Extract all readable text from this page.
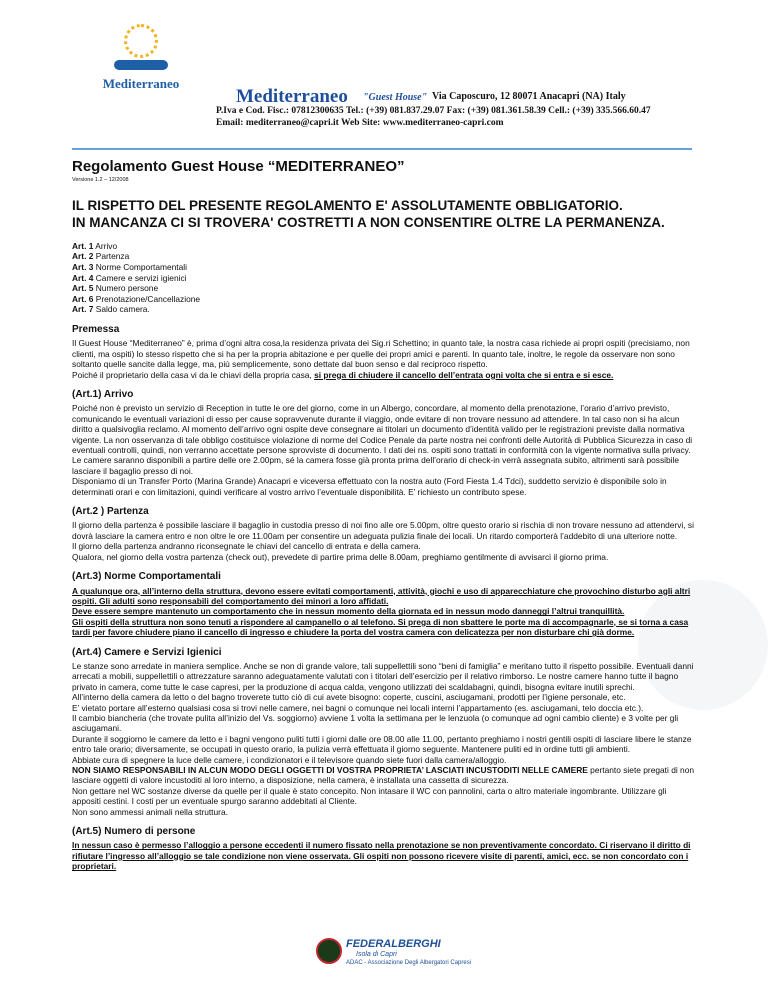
Mediterraneo
Mediterraneo "Guest House" Via Caposcuro, 12 80071 Anacapri (NA) Italy
P.Iva e Cod. Fisc.: 07812300635 Tel.: (+39) 081.837.29.07 Fax: (+39) 081.361.58.39 Cell.: (+39) 335.566.60.47
Email: mediterraneo@capri.it Web Site: www.mediterraneo-capri.com
Regolamento Guest House “MEDITERRANEO”
Versione 1.2 – 12/2008
IL RISPETTO DEL PRESENTE REGOLAMENTO E' ASSOLUTAMENTE OBBLIGATORIO.
IN MANCANZA CI SI TROVERA' COSTRETTI A NON CONSENTIRE OLTRE LA PERMANENZA.
Art. 1 Arrivo
Art. 2 Partenza
Art. 3 Norme Comportamentali
Art. 4 Camere e servizi igienici
Art. 5 Numero persone
Art. 6 Prenotazione/Cancellazione
Art. 7 Saldo camera.
Premessa

Il Guest House “Mediterraneo” è, prima d’ogni altra cosa,la residenza privata dei Sig.ri Schettino; in quanto tale, la nostra casa richiede ai propri ospiti (precisiamo, non clienti, ma ospiti) lo stesso rispetto che si ha per la propria abitazione e per quelle dei propri amici e parenti. In quanto tale, inoltre, le regole da osservare non sono soltanto quelle sancite dalla legge, ma, più semplicemente, sono dettate dal buon senso e dal reciproco rispetto.

Poiché il proprietario della casa vi da le chiavi della propria casa, si prega di chiudere il cancello dell’entrata ogni volta che si entra e si esce.

(Art.1) Arrivo

Poiché non è previsto un servizio di Reception in tutte le ore del giorno, come in un Albergo, concordare, al momento della prenotazione, l’orario d’arrivo previsto, comunicando le eventuali variazioni di esso per cause sopravvenute durante il viaggio, onde evitare di non trovare nessuno ad attendere. In tal caso non si ha alcun diritto a qualsivoglia reclamo. Al momento dell’arrivo ogni ospite deve consegnare ai titolari un documento d’identità valido per le registrazioni previste dalla normativa vigente. La non osservanza di tale obbligo costituisce violazione di norme del Codice Penale da parte nostra nei confronti delle Autorità di Pubblica Sicurezza in caso di eventuali controlli, quindi, non verranno accettate persone sprovviste di documento. I dati dei ns. ospiti sono trattati in conformità con la vigente normativa sulla privacy. Le camere saranno disponibili a partire delle ore 2.00pm, sé la camera fosse già pronta prima dell’orario di check-in verrà assegnata subito, altrimenti sarà possibile lasciare il bagaglio presso di noi.

Disponiamo di un Transfer Porto (Marina Grande) Anacapri e viceversa effettuato con la nostra auto (Ford Fiesta 1.4 Tdci), suddetto servizio è disponibile solo in determinati orari e con limitazioni, quindi verificare al vostro arrivo l’eventuale disponibilità. E’ richiesto un contributo spese.

(Art.2 ) Partenza

Il giorno della partenza è possibile lasciare il bagaglio in custodia presso di noi fino alle ore 5.00pm, oltre questo orario si rischia di non trovare nessuno ad attendervi, si dovrà lasciare la camera entro e non oltre le ore 11.00am per consentire un adeguata pulizia finale dei locali. Un ritardo comporterà l’addebito di una ulteriore notte.

Il giorno della partenza andranno riconsegnate le chiavi del cancello di entrata e della camera.

Qualora, nel giorno della vostra partenza (check out), prevedete di partire prima delle 8.00am, preghiamo gentilmente di avvisarci il giorno prima.

(Art.3) Norme Comportamentali

A qualunque ora, all’interno della struttura, devono essere evitati comportamenti, attività, giochi e uso di apparecchiature che provochino disturbo agli altri ospiti. Gli adulti sono responsabili del comportamento dei minori a loro affidati.

Deve essere sempre mantenuto un comportamento che in nessun momento della giornata ed in nessun modo danneggi l’altrui tranquillità.

Gli ospiti della struttura non sono tenuti a rispondere al campanello o al telefono. Si prega di non sbattere le porte ma di accompagnarle, se si torna a casa tardi per favore chiudere piano il cancello di ingresso e chiudere la porta del vostra camera con delicatezza per non disturbare chi già dorme.

(Art.4) Camere e Servizi Igienici

Le stanze sono arredate in maniera semplice. Anche se non di grande valore, tali suppellettili sono “beni di famiglia” e meritano tutto il rispetto possibile. Eventuali danni arrecati a mobili, suppellettili o attrezzature saranno adeguatamente valutati con i titolari dell’esercizio per il relativo rimborso. Le nostre camere hanno tutte il bagno privato in camera, come tutte le case capresi, per la produzione di acqua calda, vengono utilizzati dei scaldabagni, quindi, bisogna evitare inutili sprechi.

All’interno della camera da letto o del bagno troverete tutto ciò di cui avete bisogno: coperte, cuscini, asciugamani, prodotti per l’igiene personale, etc.

E’ vietato portare all’esterno qualsiasi cosa si trovi nelle camere, nei bagni o comunque nei locali interni l’appartamento (es. asciugamani, telo doccia etc.).

Il cambio biancheria (che trovate pulita all’inizio del Vs. soggiorno) avviene 1 volta la settimana per le lenzuola (o comunque ad ogni cambio cliente) e 3 volte per gli asciugamani.

Durante il soggiorno le camere da letto e i bagni vengono puliti tutti i giorni dalle ore 08.00 alle 11.00, pertanto preghiamo i nostri gentili ospiti di lasciare libere le stanze entro tale orario; diversamente, se occupati in questo orario, la pulizia verrà effettuata il giorno seguente. Mantenere puliti ed in ordine tutti gli ambienti.

Abbiate cura di spegnere la luce delle camere, i condizionatori e il televisore quando siete fuori dalla camera/alloggio.

NON SIAMO RESPONSABILI IN ALCUN MODO DEGLI OGGETTI DI VOSTRA PROPRIETA’ LASCIATI INCUSTODITI NELLE CAMERE pertanto siete pregati di non lasciare oggetti di valore incustoditi al loro interno, a disposizione, nella camera, è installata una cassetta di sicurezza.

Non gettare nel WC sostanze diverse da quelle per il quale è stato concepito. Non intasare il WC con pannolini, carta o altro materiale ingombrante. Utilizzare gli appositi cestini. I costi per un eventuale spurgo saranno addebitati al Cliente.

Non sono ammessi animali nella struttura.

(Art.5) Numero di persone

In nessun caso è permesso l’alloggio a persone eccedenti il numero fissato nella prenotazione se non preventivamente concordato. Ci riservano il diritto di rifiutare l’ingresso all’alloggio se tale condizione non viene osservata. Gli ospiti non possono ricevere visite di parenti, amici, ecc. se non concordato con i proprietari.

FEDERALBERGHI
Isola di Capri
ADAC - Associazione Degli Albergatori Capresi
